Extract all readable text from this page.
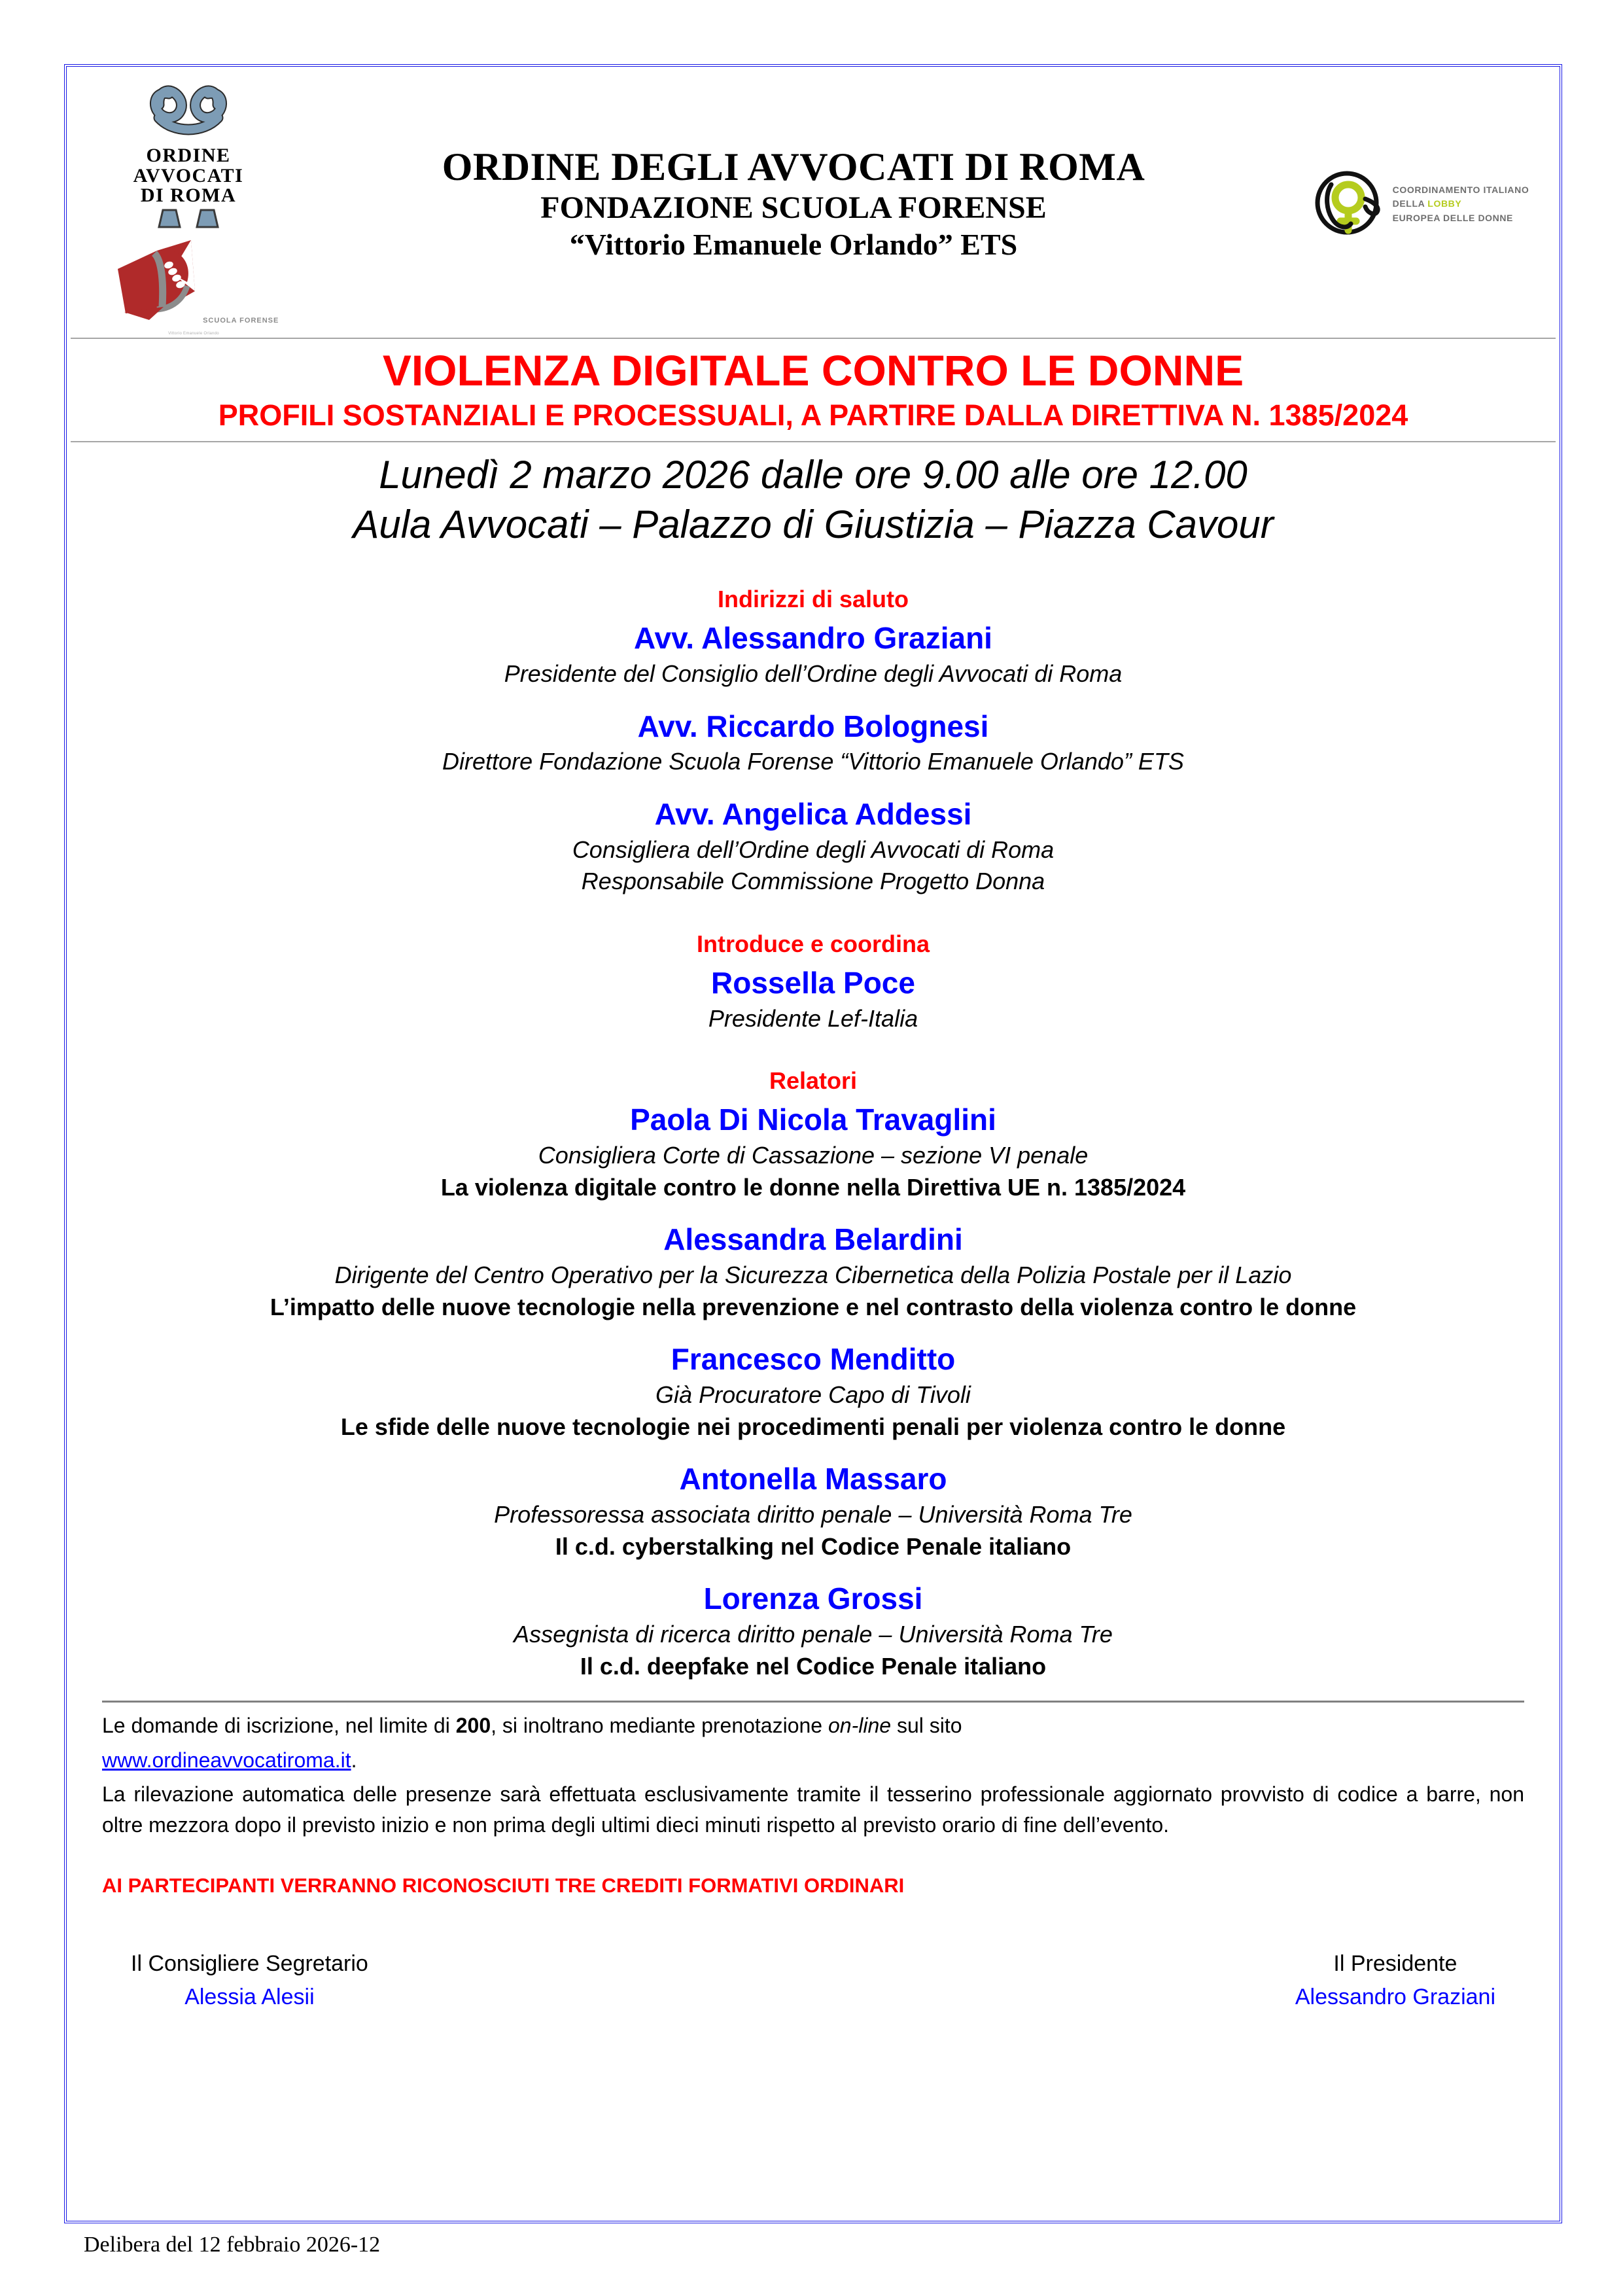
ORDINE
AVVOCATI
DI ROMA
SCUOLA FORENSE
Vittorio Emanuele Orlando	
ORDINE DEGLI AVVOCATI DI ROMA
FONDAZIONE SCUOLA FORENSE
“Vittorio Emanuele Orlando” ETS

COORDINAMENTO ITALIANO
DELLA LOBBY
EUROPEA DELLE DONNE

VIOLENZA DIGITALE CONTRO LE DONNE
PROFILI SOSTANZIALI E PROCESSUALI, A PARTIRE DALLA DIRETTIVA N. 1385/2024

Lunedì 2 marzo 2026 dalle ore 9.00 alle ore 12.00
Aula Avvocati – Palazzo di Giustizia – Piazza Cavour
Indirizzi di saluto
Avv. Alessandro Graziani
Presidente del Consiglio dell’Ordine degli Avvocati di Roma
Avv. Riccardo Bolognesi
Direttore Fondazione Scuola Forense “Vittorio Emanuele Orlando” ETS
Avv. Angelica Addessi
Consigliera dell’Ordine degli Avvocati di Roma
Responsabile Commissione Progetto Donna
Introduce e coordina
Rossella Poce
Presidente Lef-Italia
Relatori
Paola Di Nicola Travaglini
Consigliera Corte di Cassazione – sezione VI penale
La violenza digitale contro le donne nella Direttiva UE n. 1385/2024
Alessandra Belardini
Dirigente del Centro Operativo per la Sicurezza Cibernetica della Polizia Postale per il Lazio
L’impatto delle nuove tecnologie nella prevenzione e nel contrasto della violenza contro le donne
Francesco Menditto
Già Procuratore Capo di Tivoli
Le sfide delle nuove tecnologie nei procedimenti penali per violenza contro le donne
Antonella Massaro
Professoressa associata diritto penale – Università Roma Tre
Il c.d. cyberstalking nel Codice Penale italiano
Lorenza Grossi
Assegnista di ricerca diritto penale – Università Roma Tre
Il c.d. deepfake nel Codice Penale italiano

Le domande di iscrizione, nel limite di 200, si inoltrano mediante prenotazione on-line sul sito

www.ordineavvocatiroma.it.

La rilevazione automatica delle presenze sarà effettuata esclusivamente tramite il tesserino professionale aggiornato provvisto di codice a barre, non oltre mezzora dopo il previsto inizio e non prima degli ultimi dieci minuti rispetto al previsto orario di fine dell’evento.

AI PARTECIPANTI VERRANNO RICONOSCIUTI TRE CREDITI FORMATIVI ORDINARI
Il Consigliere Segretario
Alessia Alesii
Il Presidente
Alessandro Graziani
Delibera del 12 febbraio 2026-12
